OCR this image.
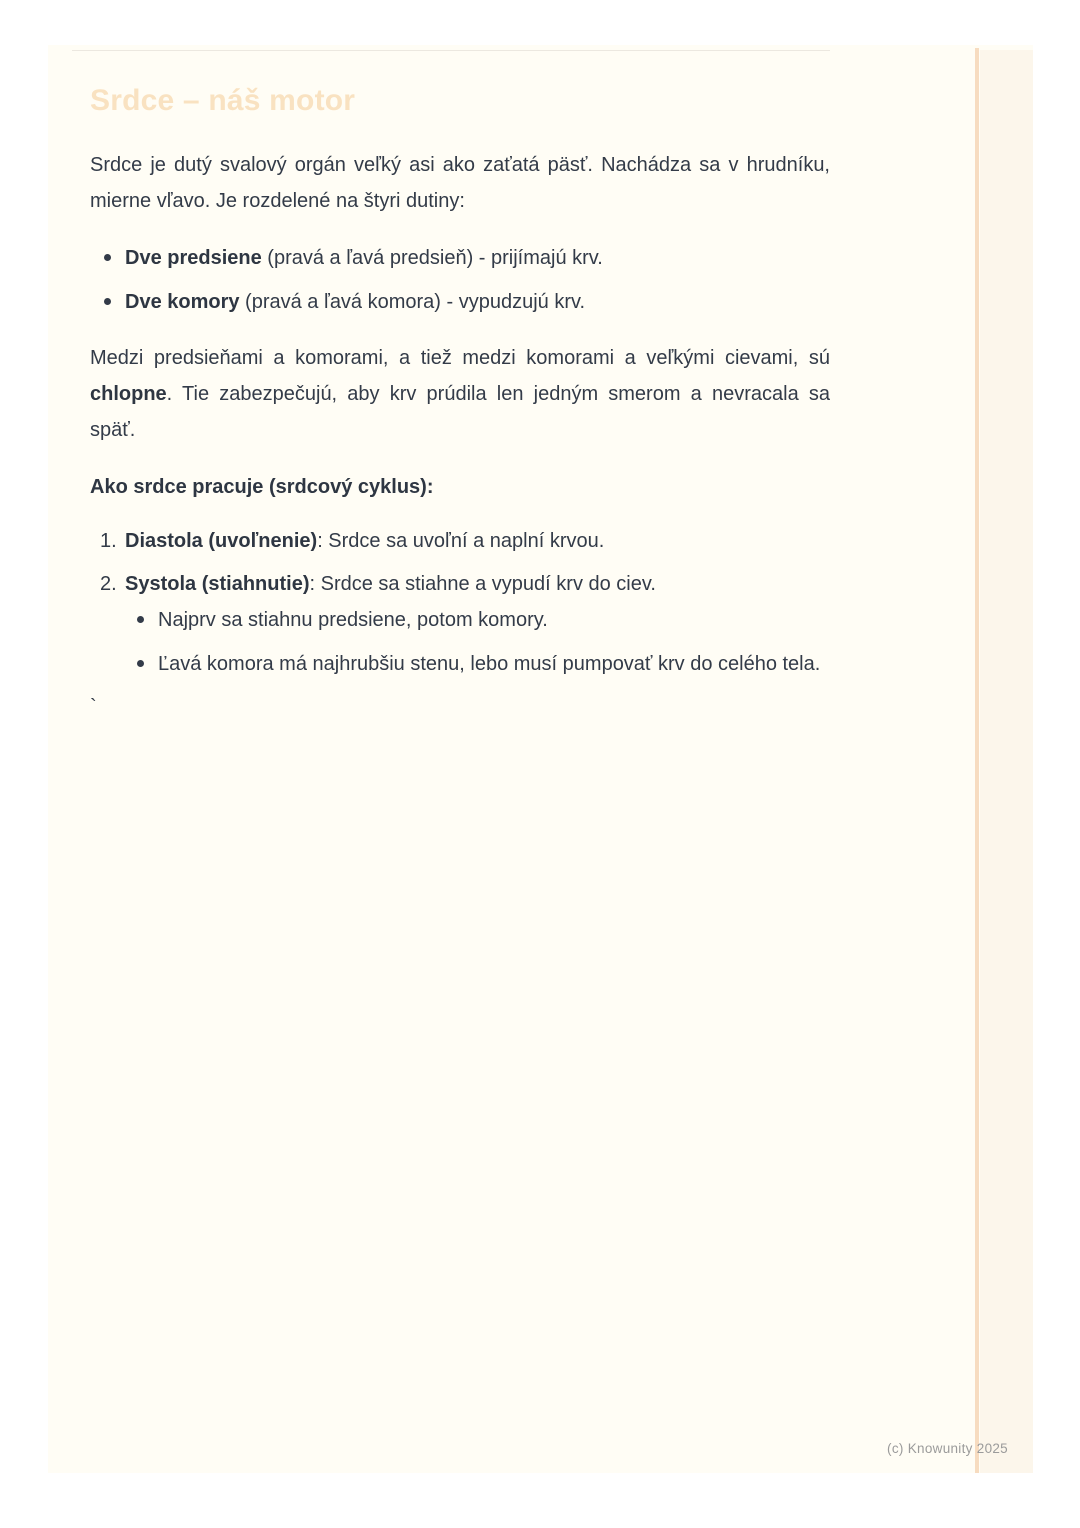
Srdce – náš motor

Srdce je dutý svalový orgán veľký asi ako zaťatá päsť. Nachádza sa v hrudníku, mierne vľavo. Je rozdelené na štyri dutiny:

Dve predsiene (pravá a ľavá predsieň) - prijímajú krv.
Dve komory (pravá a ľavá komora) - vypudzujú krv.

Medzi predsieňami a komorami, a tiež medzi komorami a veľkými cievami, sú chlopne. Tie zabezpečujú, aby krv prúdila len jedným smerom a nevracala sa späť.

Ako srdce pracuje (srdcový cyklus):
Diastola (uvoľnenie): Srdce sa uvoľní a naplní krvou.
Systola (stiahnutie): Srdce sa stiahne a vypudí krv do ciev.
Najprv sa stiahnu predsiene, potom komory.
Ľavá komora má najhrubšiu stenu, lebo musí pumpovať krv do celého tela.

`

(c) Knowunity 2025
